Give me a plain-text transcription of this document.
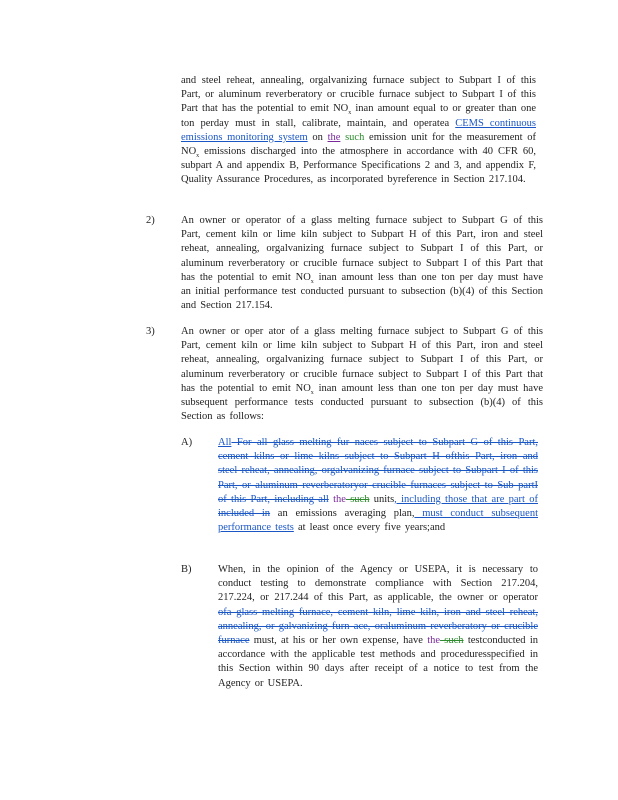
and steel reheat, annealing, orgalvanizing furnace subject to Subpart I of this Part, or aluminum reverberatory or crucible furnace subject to Subpart I of this Part that has the potential to emit $NO_x$ inan amount equal to or greater than one ton perday must in stall, calibrate, maintain, and operatea CEMS continuous emissions monitoring system on the such emission unit for the measurement of $NO_x$ emissions discharged into the atmosphere in accordance with 40 CFR 60, subpart A and appendix B, Performance Specifications 2 and 3, and appendix F, Quality Assurance Procedures, as incorporated byreference in Section 217.104.
2)	An owner or operator of a glass melting furnace subject to Subpart G of this Part, cement kiln or lime kiln subject to Subpart H of this Part, iron and steel reheat, annealing, orgalvanizing furnace subject to Subpart I of this Part, or aluminum reverberatory or crucible furnace subject to Subpart I of this Part that has the potential to emit $NO_x$ inan amount less than one ton per day must have an initial performance test conducted pursuant to subsection (b)(4) of this Section and Section 217.154.
3)	An owner or oper ator of a glass melting furnace subject to Subpart G of this Part, cement kiln or lime kiln subject to Subpart H of this Part, iron and steel reheat, annealing, orgalvanizing furnace subject to Subpart I of this Part, or aluminum reverberatory or crucible furnace subject to Subpart I of this Part that has the potential to emit $NO_x$ inan amount less than one ton per day must have subsequent performance tests conducted pursuant to subsection (b)(4) of this Section as follows:
A) All For all glass melting fur naces subject to Subpart G of this Part, cement kilns or lime kilns subject to Subpart H ofthis Part, iron and steel reheat, annealing, orgalvanizing furnace subject to Subpart I of this Part, or aluminum reverberatoryor crucible furnaces subject to Sub partI of this Part, including all the such units, including those that are part of included in an emissions averaging plan, must conduct subsequent performance tests at least once every five years;and
B)	When, in the opinion of the Agency or USEPA, it is necessary to conduct testing to demonstrate compliance with Section 217.204, 217.224, or 217.244 of this Part, as applicable, the owner or operator ofa glass melting furnace, cement kiln, lime kiln, iron and steel reheat, annealing, or galvanizing furn ace, oraluminum reverberatory or crucible furnace must, at his or her own expense, have the such testconducted in accordance with the applicable test methods and proceduresspecified in this Section within 90 days after receipt of a notice to test from the Agency or USEPA.
